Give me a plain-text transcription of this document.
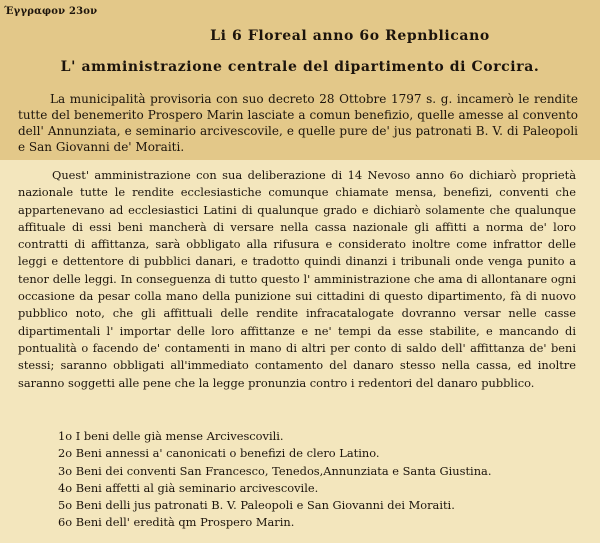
Έγγραφον 23ον
Li 6 Floreal anno 6o Repnblicano
L' amministrazione centrale del dipartimento di Corcira.
La municipalità provisoria con suo decreto 28 Ottobre 1797 s. g. incamerò le rendite tutte del benemerito Prospero Marin lasciate a comun benefizio, quelle amesse al convento dell' Annunziata, e seminario arcivescovile, e quelle pure de' jus patronati B. V. di Paleopoli e San Giovanni de' Moraiti.
Quest' amministrazione con sua deliberazione di 14 Nevoso anno 6o dichiarò proprietà nazionale tutte le rendite ecclesiastiche comunque chiamate mensa, benefizi, conventi che appartenevano ad ecclesiastici Latini di qualunque grado e dichiarò solamente che qualunque affituale di essi beni mancherà di versare nella cassa nazionale gli affitti a norma de' loro contratti di affittanza, sarà obbligato alla rifusura e considerato inoltre come infrattor delle leggi e dettentore di pubblici danari, e tradotto quindi dinanzi i tribunali onde venga punito a tenor delle leggi. In conseguenza di tutto questo l' amministrazione che ama di allontanare ogni occasione da pesar colla mano della punizione sui cittadini di questo dipartimento, fà di nuovo pubblico noto, che gli affittuali delle rendite infracatalogate dovranno versar nelle casse dipartimentali l' importar delle loro affittanze e ne' tempi da esse stabilite, e mancando di pontualità o facendo de' contamenti in mano di altri per conto di saldo dell' affittanza de' beni stessi; saranno obbligati all'immediato contamento del danaro stesso nella cassa, ed inoltre saranno soggetti alle pene che la legge pronunzia contro i redentori del danaro pubblico.
1o I beni delle già mense Arcivescovili.
2o Beni annessi a' canonicati o benefizi de clero Latino.
3o Beni dei conventi San Francesco, Tenedos,Annunziata e Santa Giustina.
4o Beni affetti al già seminario arcivescovile.
5o Beni delli jus patronati B. V. Paleopoli e San Giovanni dei Moraiti.
6o Beni dell' eredità qm Prospero Marin.
